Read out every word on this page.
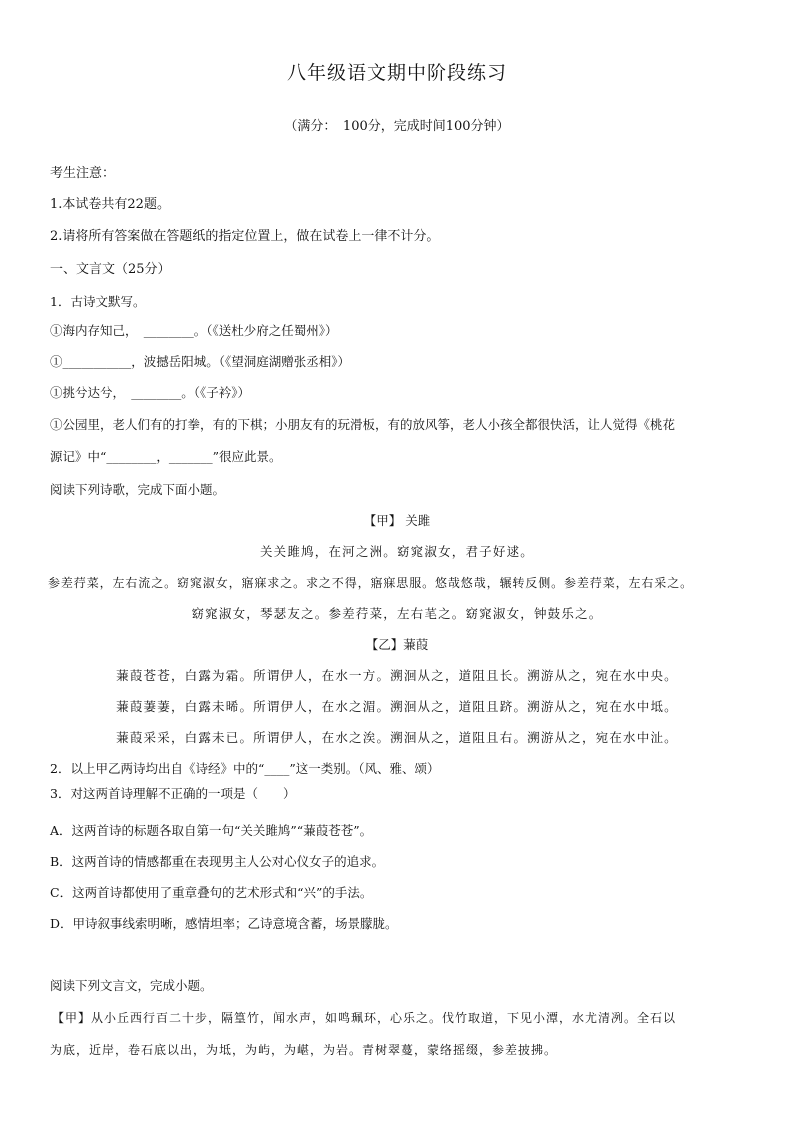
八年级语文期中阶段练习
（满分：　100分，完成时间100分钟）
考生注意：
1.本试卷共有22题。
2.请将所有答案做在答题纸的指定位置上，做在试卷上一律不计分。
一、文言文（25分）
1．古诗文默写。
①海内存知己，　________。（《送杜少府之任蜀州》）
①___________，波撼岳阳城。（《望洞庭湖赠张丞相》）
①挑兮达兮，　________。（《子衿》）
①公园里，老人们有的打拳，有的下棋；小朋友有的玩滑板，有的放风筝，老人小孩全都很快活，让人觉得《桃花
源记》中“________，_______”很应此景。
阅读下列诗歌，完成下面小题。
【甲】 关雎
关关雎鸠，在河之洲。窈窕淑女，君子好逑。
参差荇菜，左右流之。窈窕淑女，寤寐求之。求之不得，寤寐思服。悠哉悠哉，辗转反侧。参差荇菜，左右采之。
窈窕淑女，琴瑟友之。参差荇菜，左右芼之。窈窕淑女，钟鼓乐之。
【乙】蒹葭
蒹葭苍苍，白露为霜。所谓伊人，在水一方。溯洄从之，道阻且长。溯游从之，宛在水中央。
蒹葭萋萋，白露未晞。所谓伊人，在水之湄。溯洄从之，道阻且跻。溯游从之，宛在水中坻。
蒹葭采采，白露未已。所谓伊人，在水之涘。溯洄从之，道阻且右。溯游从之，宛在水中沚。
2．以上甲乙两诗均出自《诗经》中的“____”这一类别。（风、雅、颂）
3．对这两首诗理解不正确的一项是（　　）
A．这两首诗的标题各取自第一句“关关雎鸠”“蒹葭苍苍”。
B．这两首诗的情感都重在表现男主人公对心仪女子的追求。
C．这两首诗都使用了重章叠句的艺术形式和“兴”的手法。
D．甲诗叙事线索明晰，感情坦率；乙诗意境含蓄，场景朦胧。
阅读下列文言文，完成小题。
【甲】从小丘西行百二十步，隔篁竹，闻水声，如鸣珮环，心乐之。伐竹取道，下见小潭，水尤清冽。全石以
为底，近岸，卷石底以出，为坻，为屿，为嵁，为岩。青树翠蔓，蒙络摇缀，参差披拂。
